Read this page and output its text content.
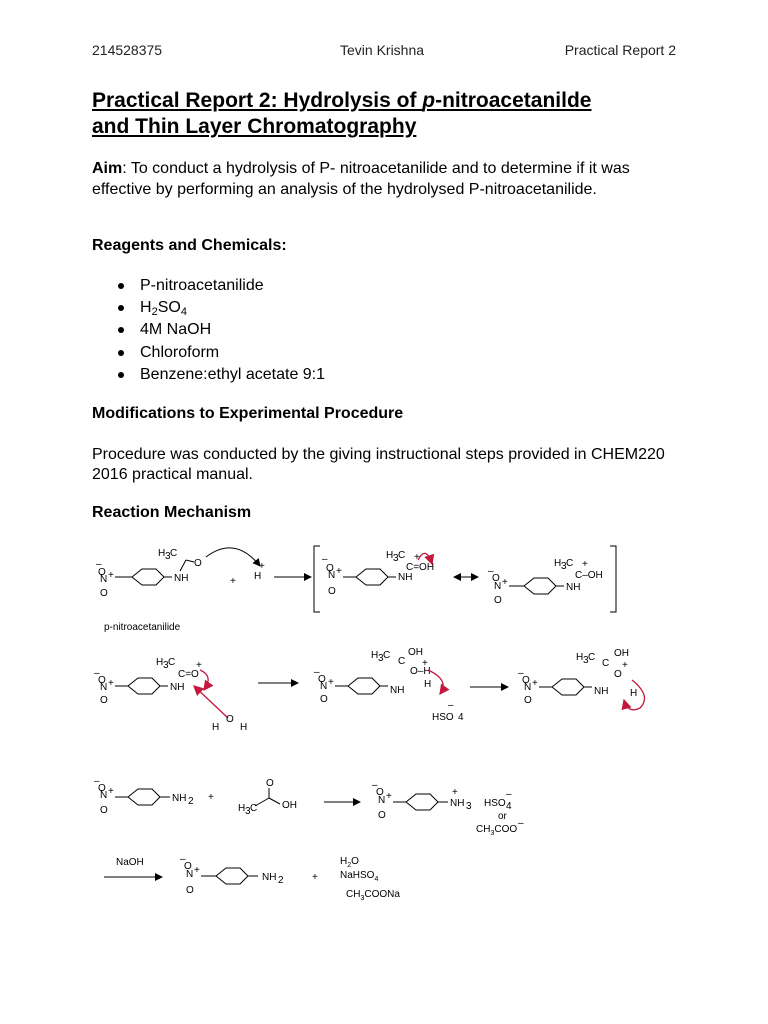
214528375	Tevin Krishna	Practical Report 2
Practical Report 2: Hydrolysis of p-nitroacetanilde
and Thin Layer Chromatography
Aim: To conduct a hydrolysis of P- nitroacetanilide and to determine if it was effective by performing an analysis of the hydrolysed P-nitroacetanilide.
Reagents and Chemicals:
P-nitroacetanilide
$H_2SO_4$
4M NaOH
Chloroform
Benzene:ethyl acetate 9:1
Modifications to Experimental Procedure
Procedure was conducted by the giving instructional steps provided in CHEM220 2016 practical manual.
Reaction Mechanism
–
O
N +
O
NH
H 3 C
O
+ H
+
–
O
N +
O
NH
H 3 C
C=OH
+
–
O
N +
O
NH
H 3 C
C–OH
+
p-nitroacetanilide
–
O
N +
O
NH
H 3 C
C=O
+
H
O
H
–
O
N +
O
NH
H 3 C
C
OH
O–H
+
H
HSO 4
–
–
O
N +
O
NH
H 3 C
C
OH
O
+
H
–
O
N +
O
NH 2 +
O
H 3 C OH
–
O
N +
O
NH 3
+
HSO 4
–
or
$CH_3COO$
–
NaOH	–
O
N +
O
NH 2	+
$H_2O$
NaHSO$_4$
$CH_3COONa$
